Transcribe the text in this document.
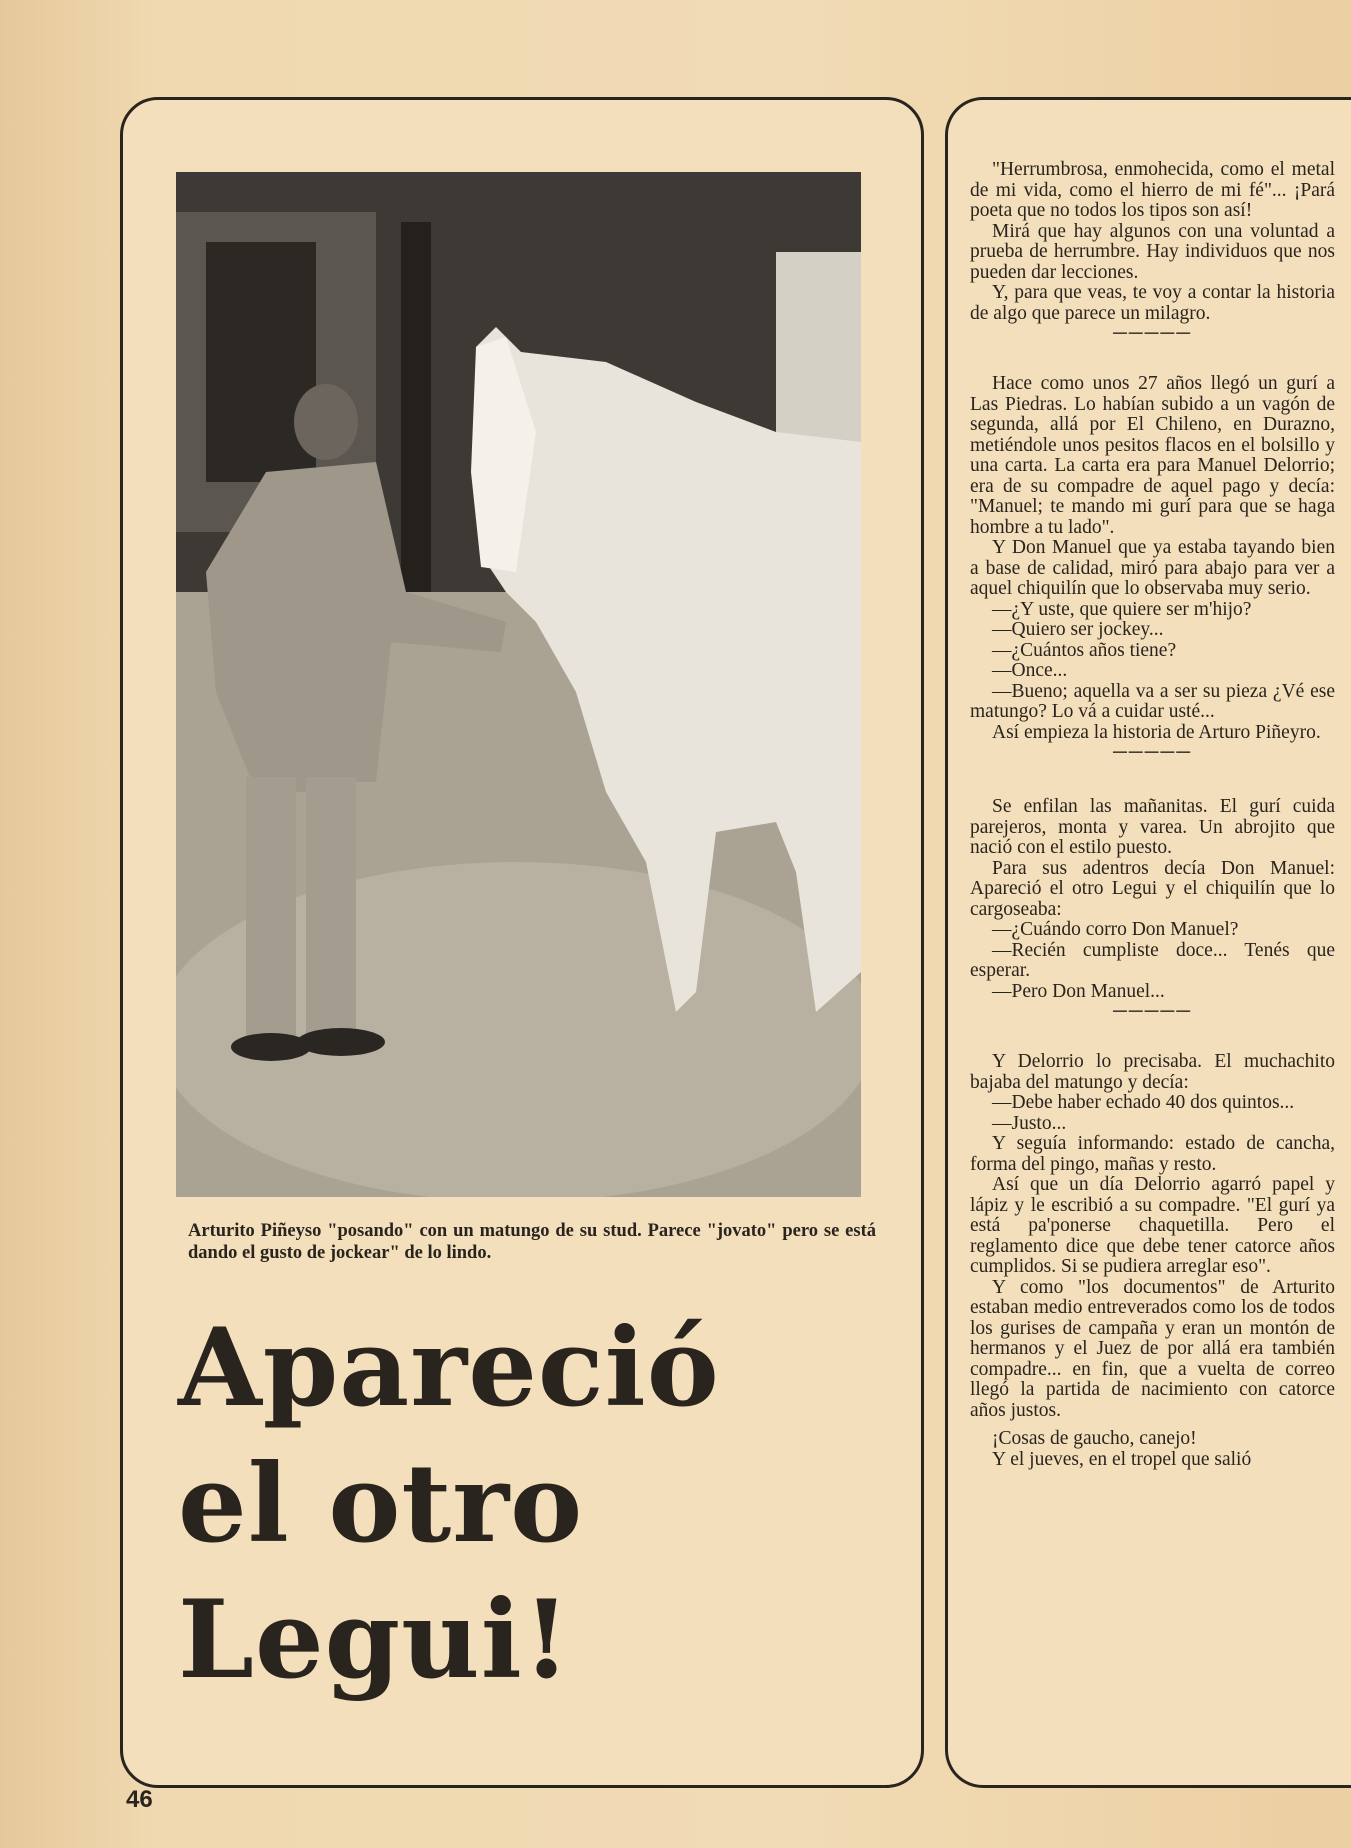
Arturito Piñeyso "posando" con un matungo de su stud. Parece "jovato" pero se está dando el gusto de jockear" de lo lindo.
Apareció
el otro
Legui!

"Herrumbrosa, enmohecida, como el metal de mi vida, como el hierro de mi fé"... ¡Pará poeta que no todos los tipos son así!

Mirá que hay algunos con una voluntad a prueba de herrumbre. Hay individuos que nos pueden dar lecciones.

Y, para que veas, te voy a contar la historia de algo que parece un milagro.

─────

Hace como unos 27 años llegó un gurí a Las Piedras. Lo habían subido a un vagón de segunda, allá por El Chileno, en Durazno, metiéndole unos pesitos flacos en el bolsillo y una carta. La carta era para Manuel Delorrio; era de su compadre de aquel pago y decía: "Manuel; te mando mi gurí para que se haga hombre a tu lado".

Y Don Manuel que ya estaba tayando bien a base de calidad, miró para abajo para ver a aquel chiquilín que lo observaba muy serio.

—¿Y uste, que quiere ser m'hijo?

—Quiero ser jockey...

—¿Cuántos años tiene?

—Once...

—Bueno; aquella va a ser su pieza ¿Vé ese matungo? Lo vá a cuidar usté...

Así empieza la historia de Arturo Piñeyro.

─────

Se enfilan las mañanitas. El gurí cuida parejeros, monta y varea. Un abrojito que nació con el estilo puesto.

Para sus adentros decía Don Manuel: Apareció el otro Legui y el chiquilín que lo cargoseaba:

—¿Cuándo corro Don Manuel?

—Recién cumpliste doce... Tenés que esperar.

—Pero Don Manuel...

─────

Y Delorrio lo precisaba. El muchachito bajaba del matungo y decía:

—Debe haber echado 40 dos quintos...

—Justo...

Y seguía informando: estado de cancha, forma del pingo, mañas y resto.

Así que un día Delorrio agarró papel y lápiz y le escribió a su compadre. "El gurí ya está pa'ponerse chaquetilla. Pero el reglamento dice que debe tener catorce años cumplidos. Si se pudiera arreglar eso".

Y como "los documentos" de Arturito estaban medio entreverados como los de todos los gurises de campaña y eran un montón de hermanos y el Juez de por allá era también compadre... en fin, que a vuelta de correo llegó la partida de nacimiento con catorce años justos.

¡Cosas de gaucho, canejo!

Y el jueves, en el tropel que salió

46
